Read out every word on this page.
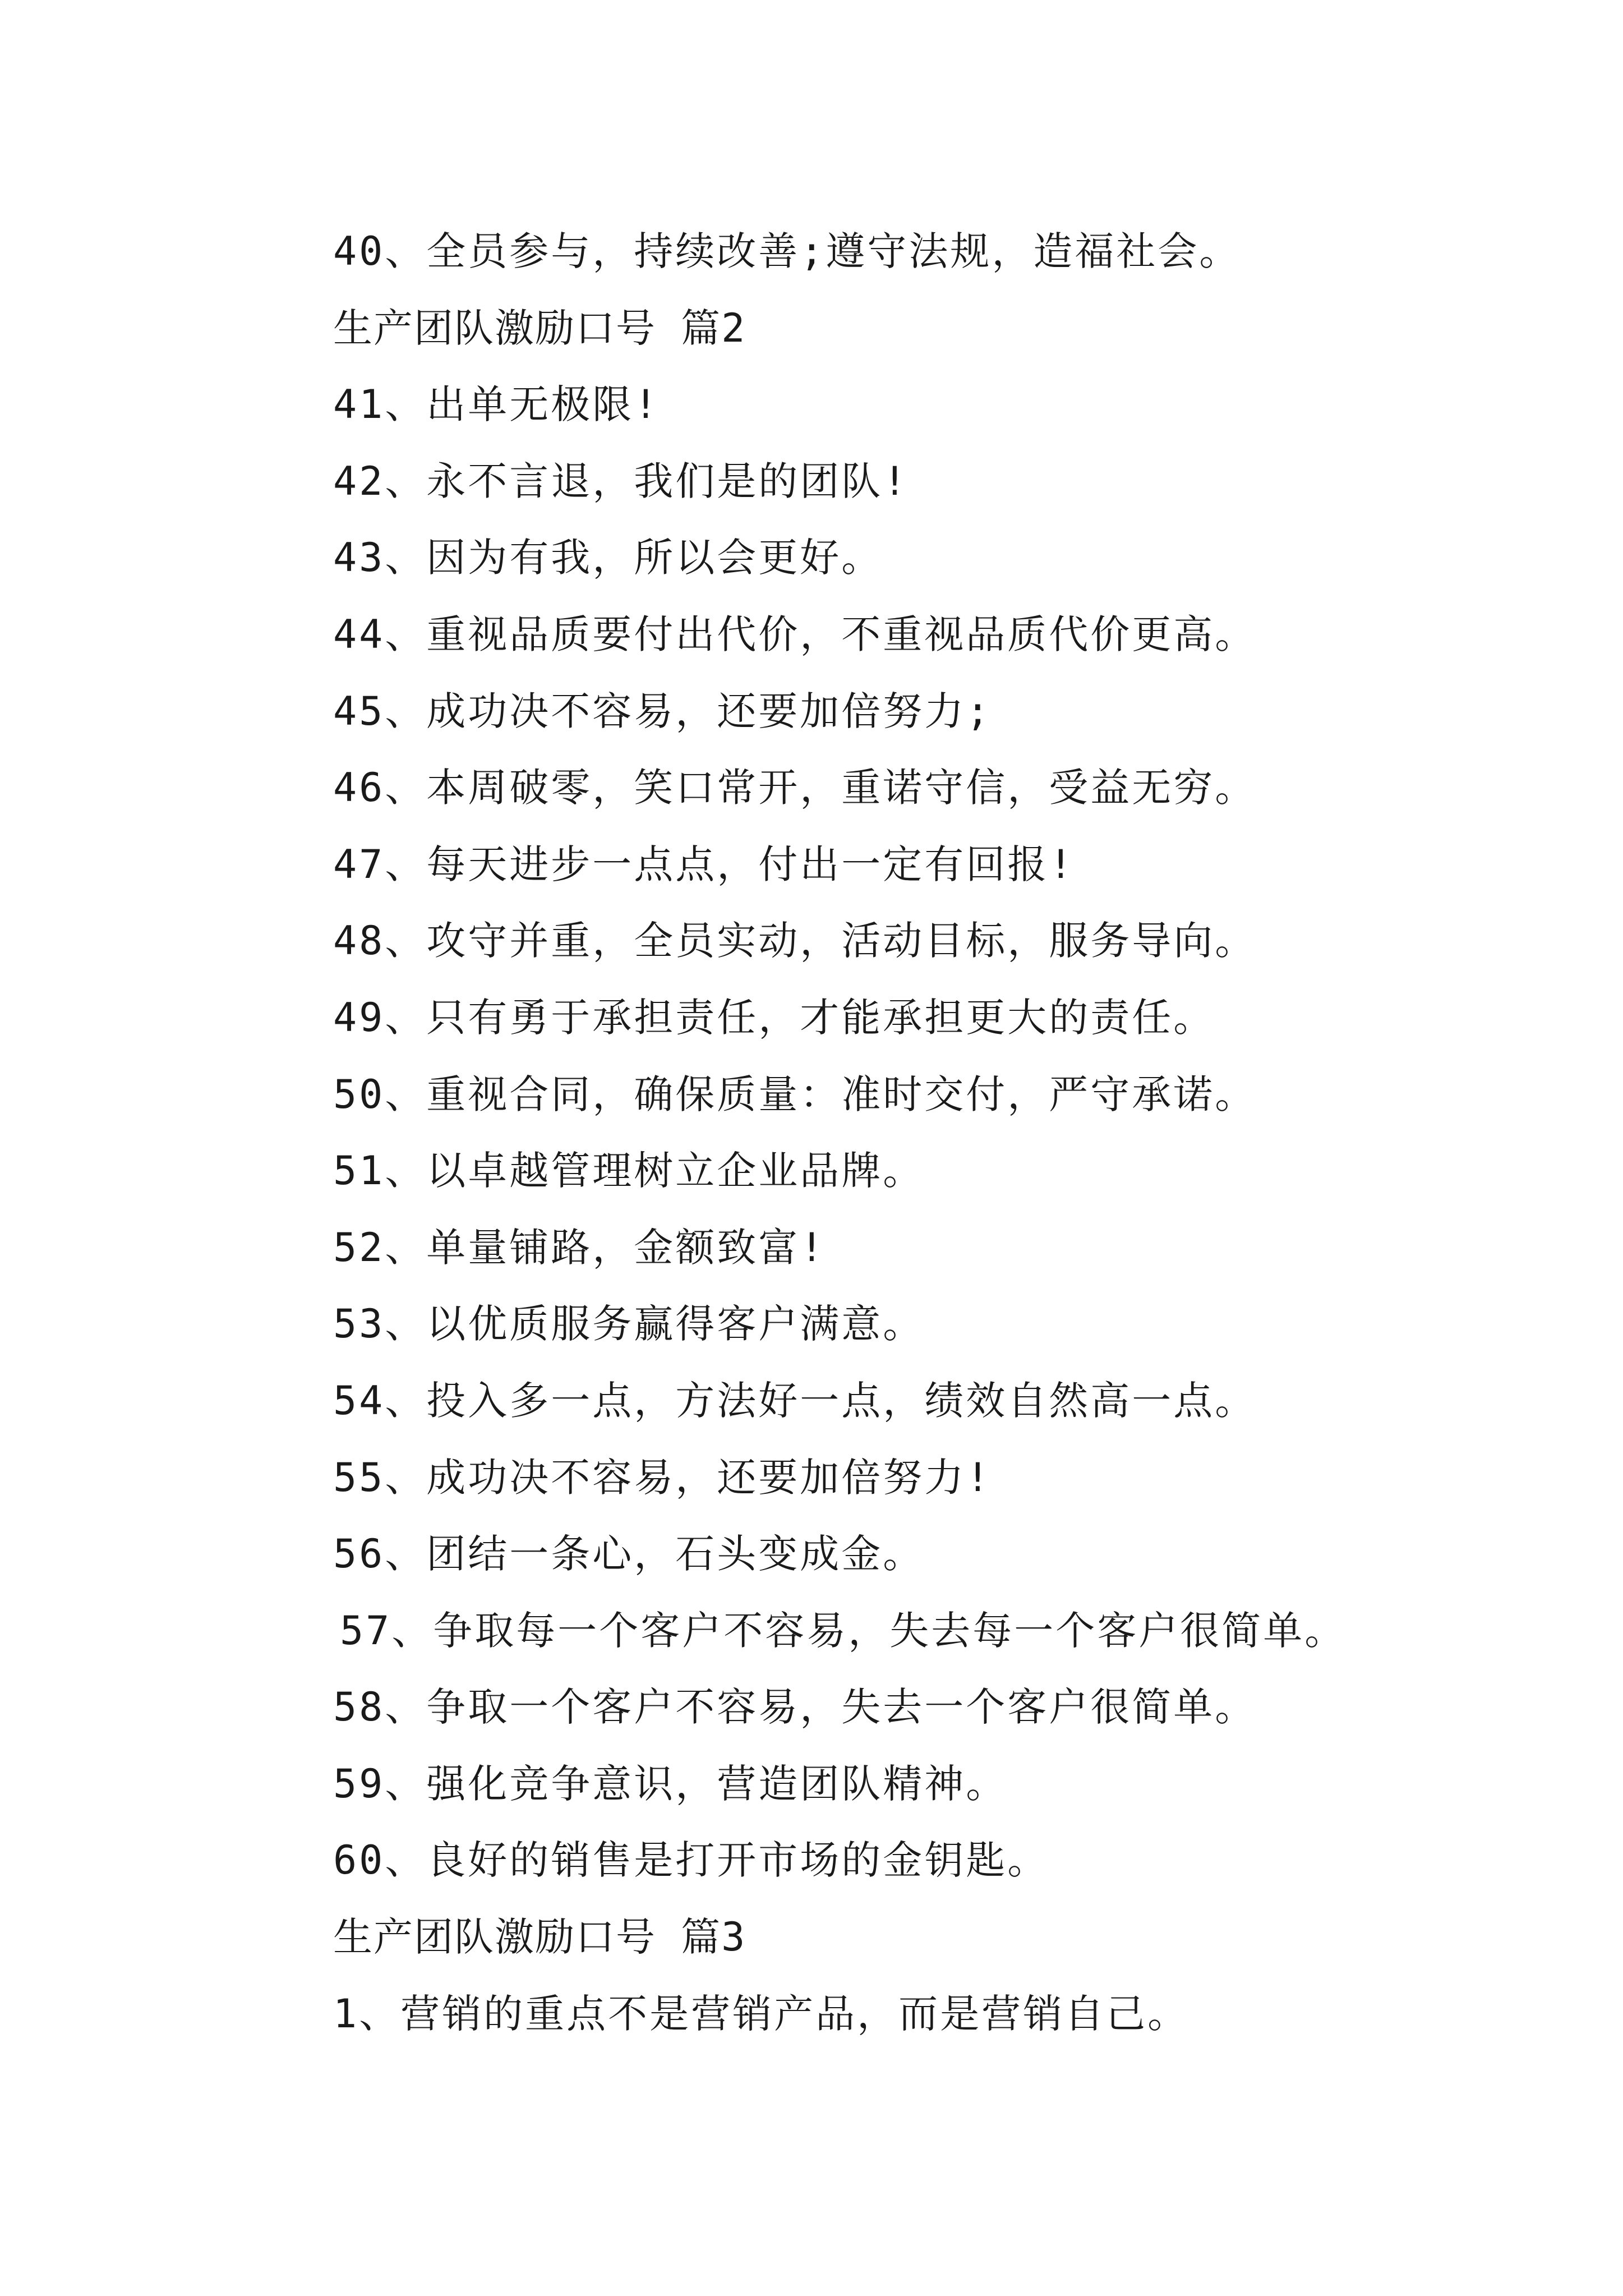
40、全员参与，持续改善;遵守法规，造福社会。
生产团队激励口号 篇2
41、出单无极限!
42、永不言退，我们是的团队!
43、因为有我，所以会更好。
44、重视品质要付出代价，不重视品质代价更高。
45、成功决不容易，还要加倍努力;
46、本周破零，笑口常开，重诺守信，受益无穷。
47、每天进步一点点，付出一定有回报!
48、攻守并重，全员实动，活动目标，服务导向。
49、只有勇于承担责任，才能承担更大的责任。
50、重视合同，确保质量：准时交付，严守承诺。
51、以卓越管理树立企业品牌。
52、单量铺路，金额致富!
53、以优质服务赢得客户满意。
54、投入多一点，方法好一点，绩效自然高一点。
55、成功决不容易，还要加倍努力!
56、团结一条心，石头变成金。
57、争取每一个客户不容易，失去每一个客户很简单。
58、争取一个客户不容易，失去一个客户很简单。
59、强化竞争意识，营造团队精神。
60、良好的销售是打开市场的金钥匙。
生产团队激励口号 篇3
1、营销的重点不是营销产品，而是营销自己。
